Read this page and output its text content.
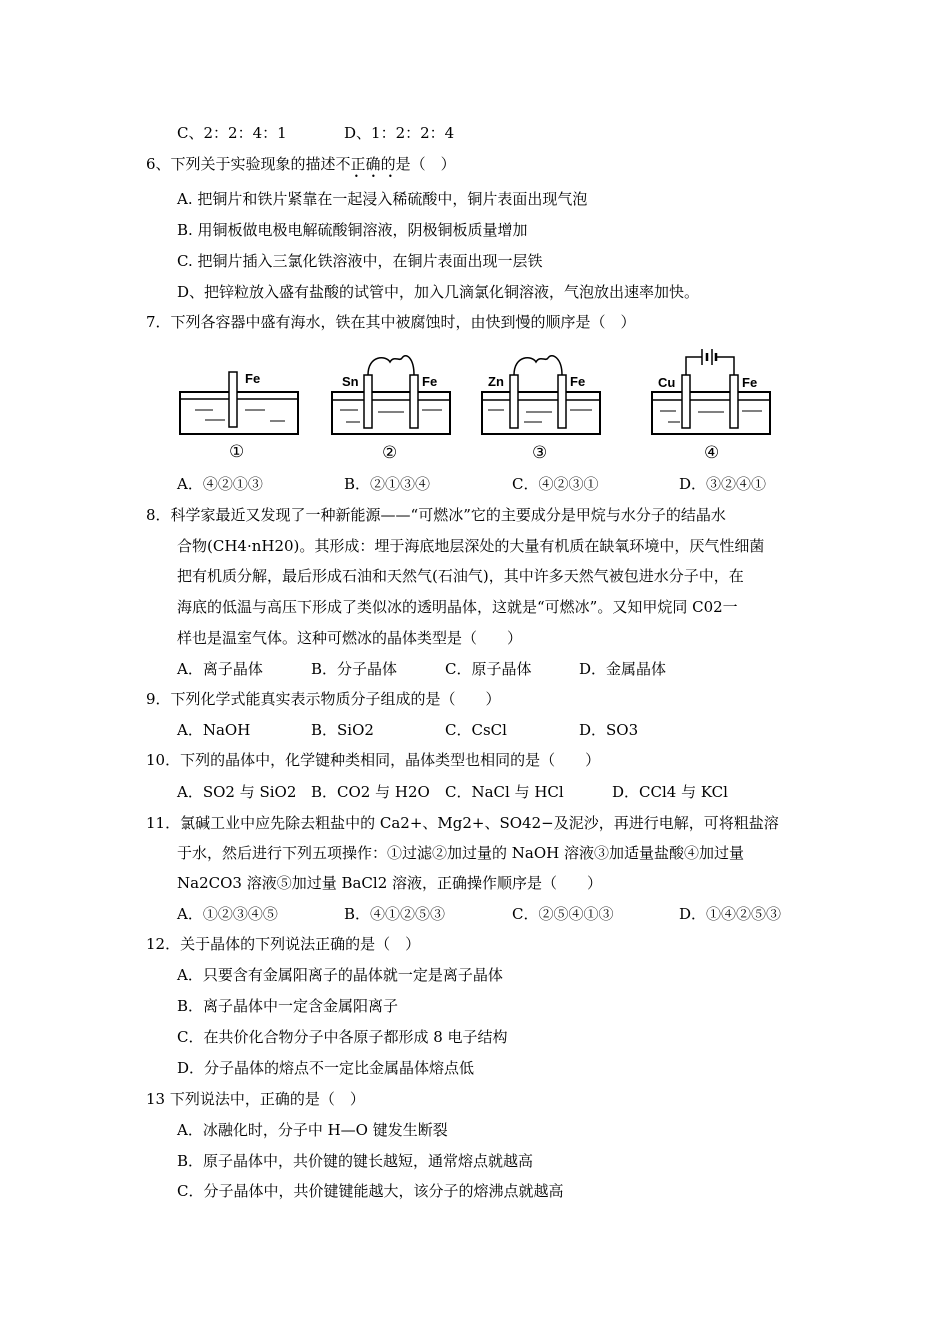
C、2：2：4：1	D、1：2：2：4
6、下列关于实验现象的描述不正确的是（　）
A. 把铜片和铁片紧靠在一起浸入稀硫酸中，铜片表面出现气泡
B. 用铜板做电极电解硫酸铜溶液，阴极铜板质量增加
C. 把铜片插入三氯化铁溶液中，在铜片表面出现一层铁
D、把锌粒放入盛有盐酸的试管中，加入几滴氯化铜溶液，气泡放出速率加快。
• • •
7．下列各容器中盛有海水，铁在其中被腐蚀时，由快到慢的顺序是（　）
Fe
①
Sn	Fe
②
Zn	Fe
③
Cu	Fe
④
A．④②①③	B．②①③④	C．④②③①	D．③②④①
8．科学家最近又发现了一种新能源——“可燃冰”它的主要成分是甲烷与水分子的结晶水
合物(CH4·nH20)。其形成：埋于海底地层深处的大量有机质在缺氧环境中，厌气性细菌
把有机质分解，最后形成石油和天然气(石油气)，其中许多天然气被包进水分子中，在
海底的低温与高压下形成了类似冰的透明晶体，这就是“可燃冰”。又知甲烷同 C02一
样也是温室气体。这种可燃冰的晶体类型是（　　）
A．离子晶体	B．分子晶体	C．原子晶体	D．金属晶体
9．下列化学式能真实表示物质分子组成的是（　　）
A．NaOH	B．SiO2	C．CsCl	D．SO3
10．下列的晶体中，化学键种类相同，晶体类型也相同的是（　　）
A．SO2 与 SiO2 B．CO2 与 H2O C．NaCl 与 HCl	D．CCl4 与 KCl
11．氯碱工业中应先除去粗盐中的 Ca2+、Mg2+、SO42−及泥沙，再进行电解，可将粗盐溶
于水，然后进行下列五项操作：①过滤②加过量的 NaOH 溶液③加适量盐酸④加过量
Na2CO3 溶液⑤加过量 BaCl2 溶液，正确操作顺序是（　　）
A．①②③④⑤	B．④①②⑤③	C．②⑤④①③	D．①④②⑤③
12．关于晶体的下列说法正确的是（　）
A．只要含有金属阳离子的晶体就一定是离子晶体
B．离子晶体中一定含金属阳离子
C．在共价化合物分子中各原子都形成 8 电子结构
D．分子晶体的熔点不一定比金属晶体熔点低
13 下列说法中，正确的是（　）
A．冰融化时，分子中 H—O 键发生断裂
B．原子晶体中，共价键的键长越短，通常熔点就越高
C．分子晶体中，共价键键能越大，该分子的熔沸点就越高
